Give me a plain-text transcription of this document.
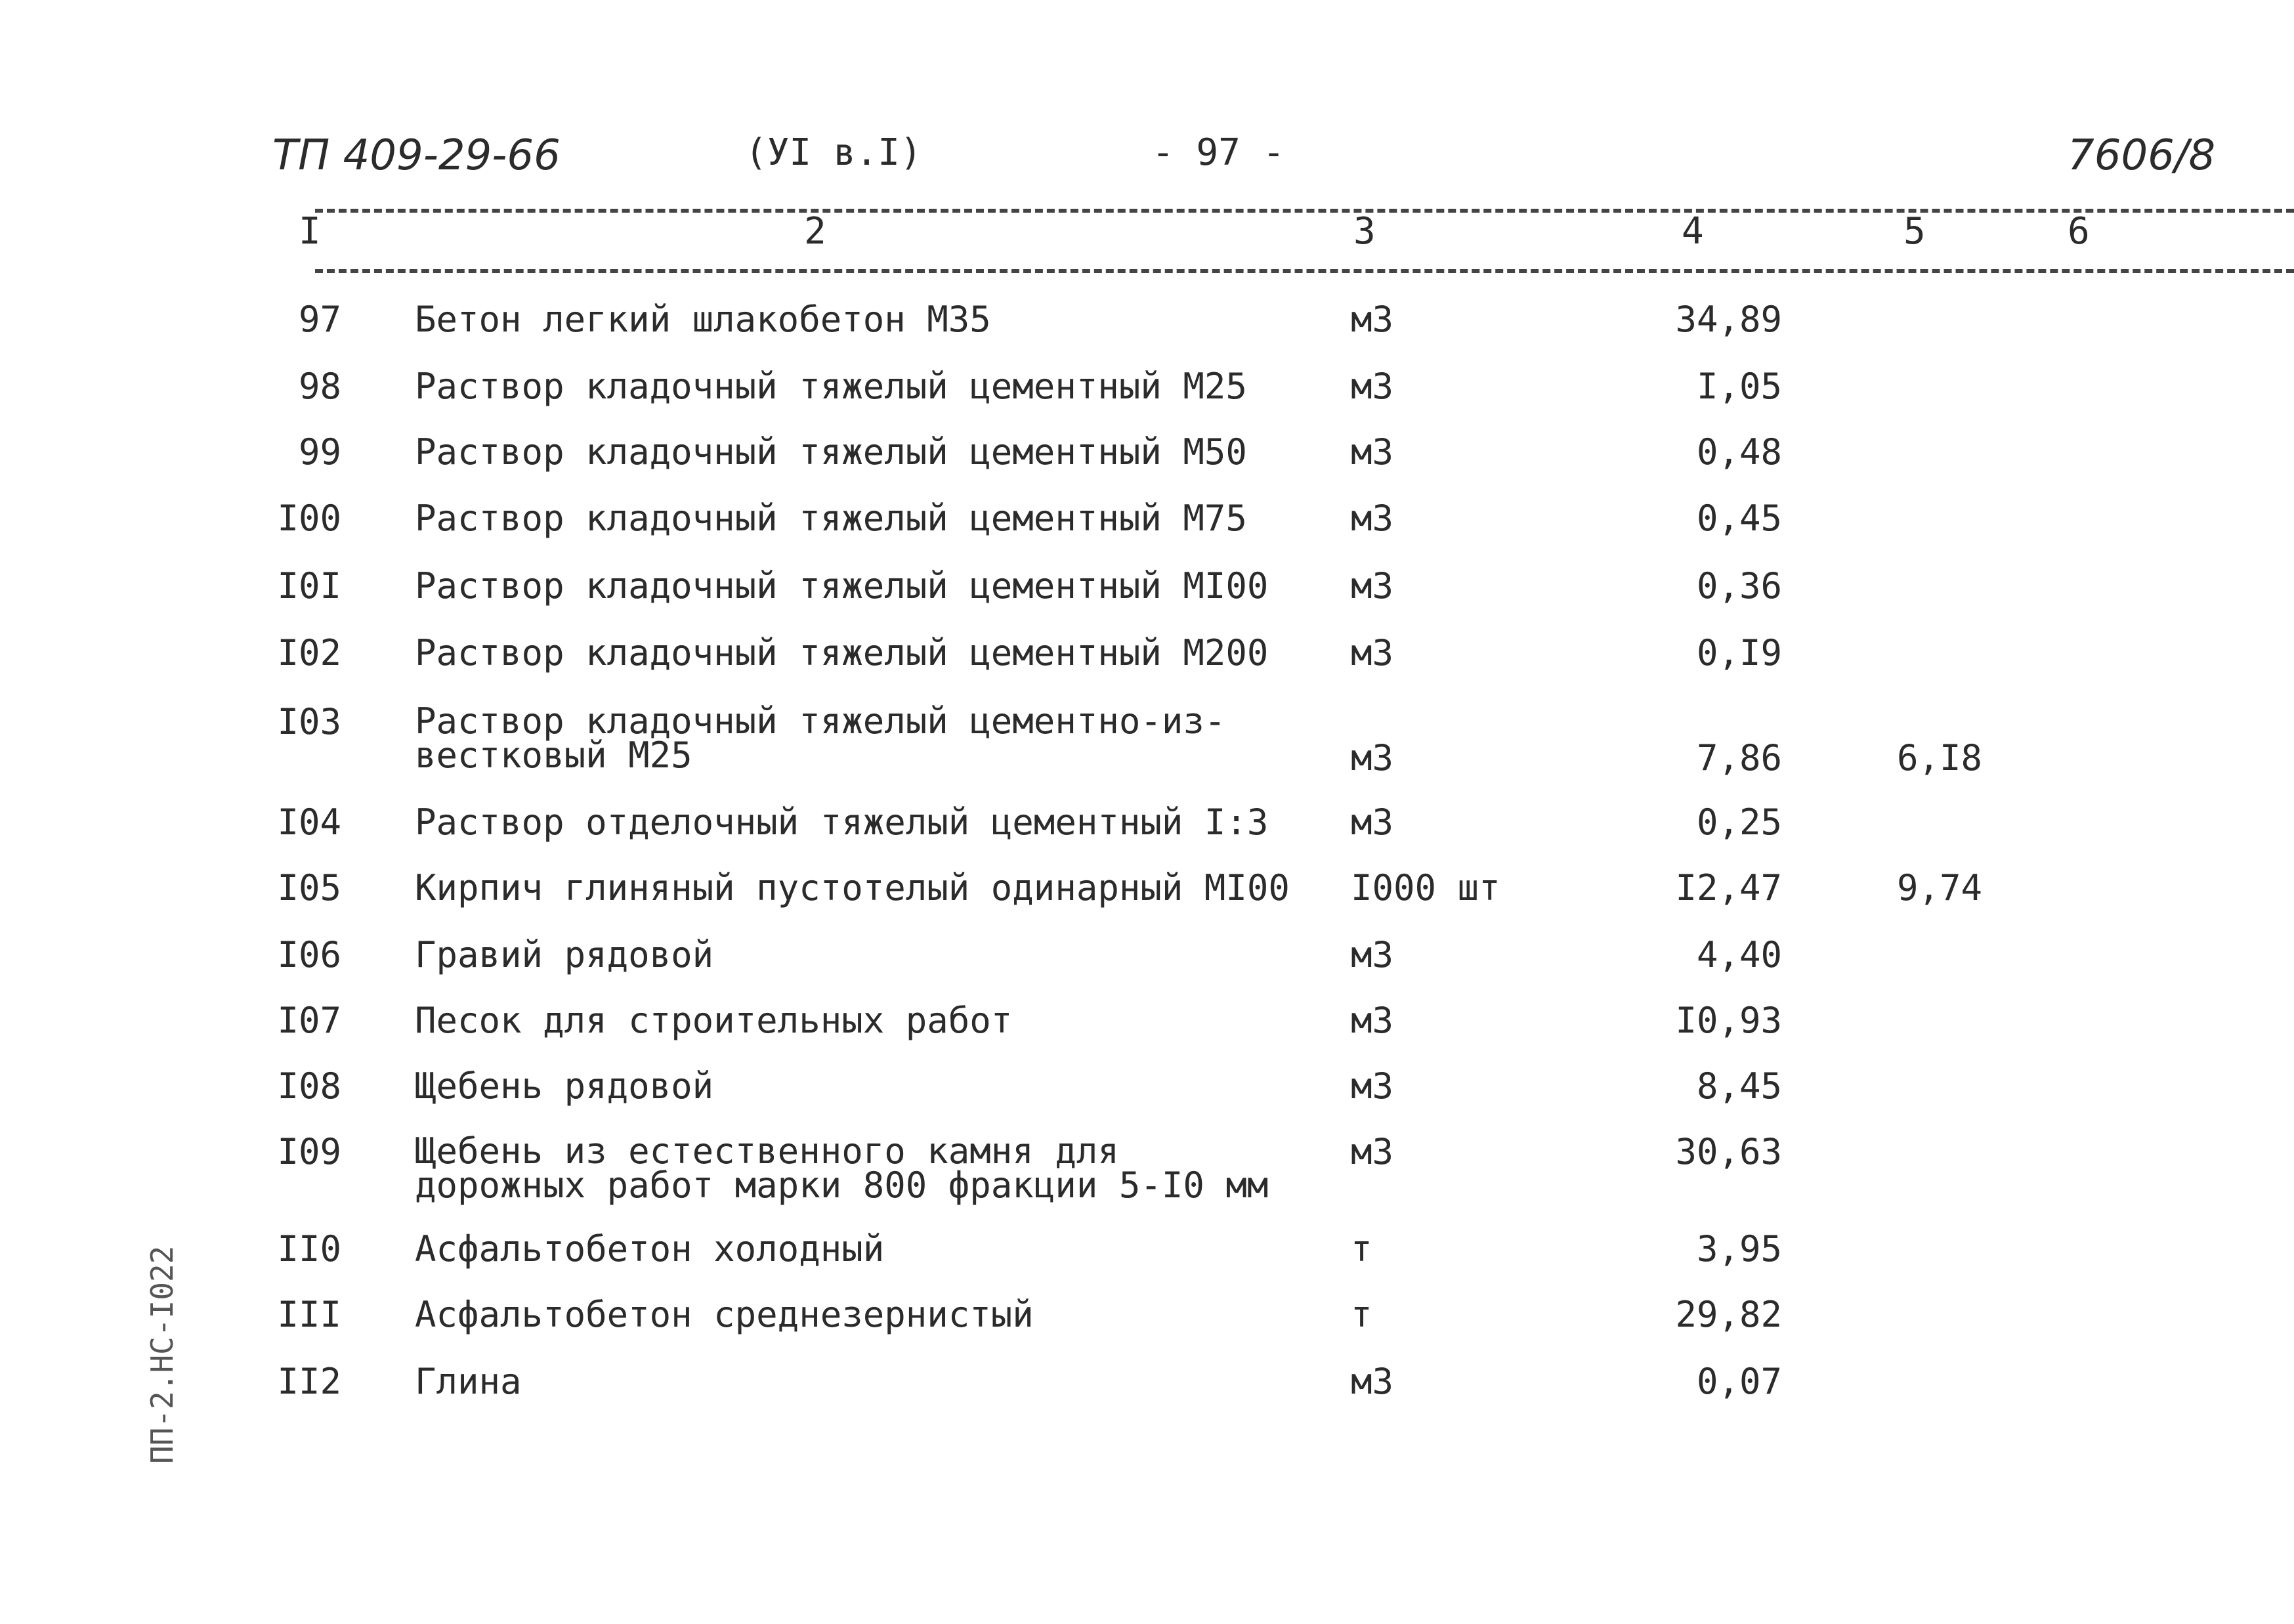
ТП 409-29-66	(УI в.I)	- 97 -	7606/8
I	2	3	4	5	6
97 Бетон легкий шлакобетон М35	м3	34,89
98 Раствор кладочный тяжелый цементный М25	м3	I,05
99 Раствор кладочный тяжелый цементный М50	м3	0,48
I00 Раствор кладочный тяжелый цементный М75	м3	0,45
I0I Раствор кладочный тяжелый цементный МI00 м3	0,36
I02 Раствор кладочный тяжелый цементный М200 м3	0,I9
I03 Раствор кладочный тяжелый цементно-из-
вестковый М25	м3	7,86	6,I8
I04 Раствор отделочный тяжелый цементный I:3 м3	0,25
I05 Кирпич глиняный пустотелый одинарный МI00 I000 шт	I2,47	9,74
I06 Гравий рядовой	м3	4,40
I07 Песок для строительных работ	м3	I0,93
I08 Щебень рядовой	м3	8,45
I09 Щебень из естественного камня для
дорожных работ марки 800 фракции 5-I0 мм
м3	30,63
II0 Асфальтобетон холодный	т	3,95
III Асфальтобетон среднезернистый	т	29,82
II2 Глина	м3	0,07
ПП-2.НС-I022
